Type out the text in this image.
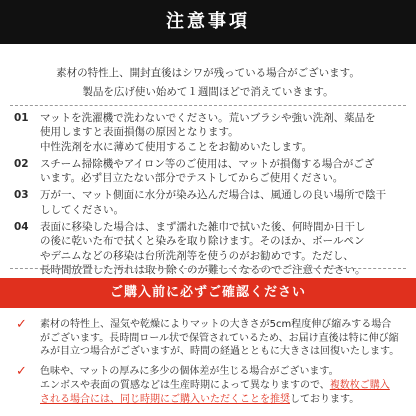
注意事項
素材の特性上、開封直後はシワが残っている場合がございます。
製品を広げ使い始めて１週間ほどで消えていきます。
01	マットを洗濯機で洗わないでください。荒いブラシや強い洗剤、薬品を
使用しますと表面損傷の原因となります。
中性洗剤を水に薄めて使用することをお勧めいたします。
02	スチーム掃除機やアイロン等のご使用は、マットが損傷する場合がござ
います。必ず目立たない部分でテストしてからご使用ください。
03	万が一、マット側面に水分が染み込んだ場合は、風通しの良い場所で陰干
ししてください。
04	表面に移染した場合は、まず濡れた雑巾で拭いた後、何時間か日干し
の後に乾いた布で拭くと染みを取り除けます。そのほか、ボールペン
やデニムなどの移染は台所洗剤等を使うのがお勧めです。ただし、
長時間放置した汚れは取り除くのが難しくなるのでご注意ください。
ご購入前に必ずご確認ください
✓	素材の特性上、湿気や乾燥によりマットの大きさが5cm程度伸び縮みする場合
がございます。長時間ロール状で保管されているため、お届け直後は特に伸び縮
みが目立つ場合がございますが、時間の経過とともに大きさは回復いたします。
✓	色味や、マットの厚みに多少の個体差が生じる場合がございます。
エンボスや表面の質感などは生産時期によって異なりますので、複数枚ご購入
される場合には、同じ時期にご購入いただくことを推奨しております。
